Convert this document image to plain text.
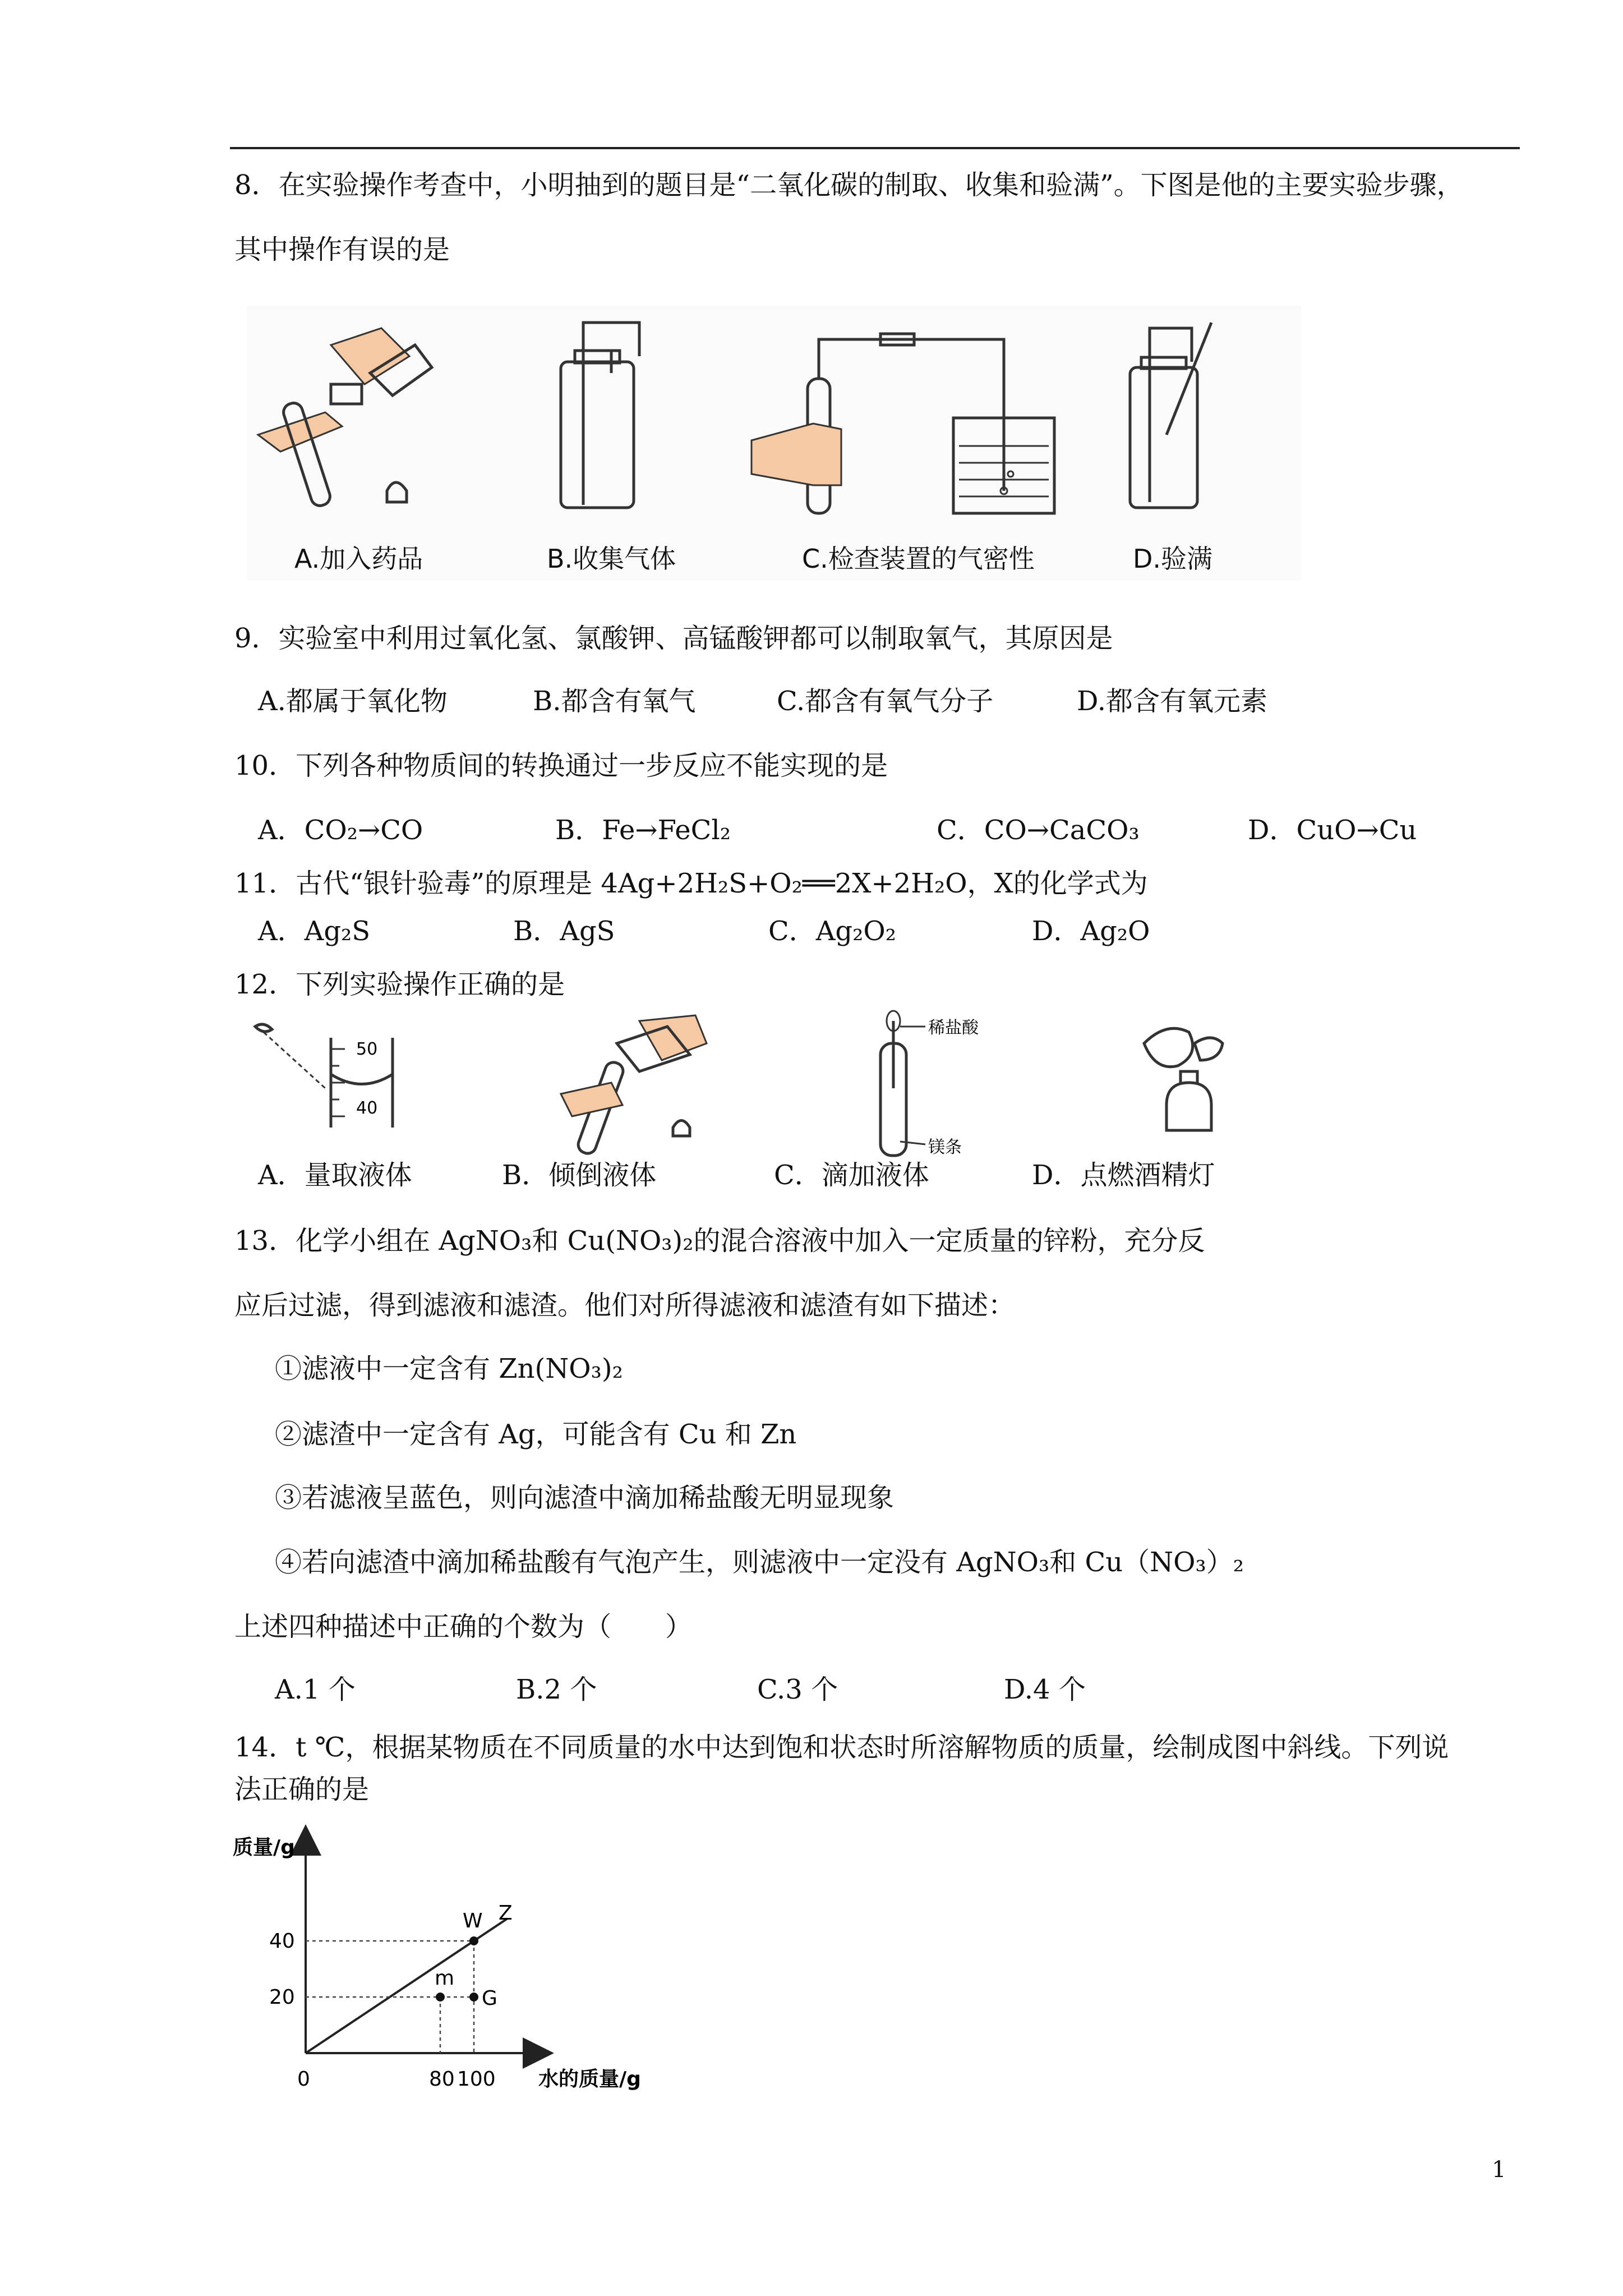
8．在实验操作考查中，小明抽到的题目是“二氧化碳的制取、收集和验满”。下图是他的主要实验步骤，
其中操作有误的是
A.加入药品	B.收集气体	C.检查装置的气密性	D.验满
9．实验室中利用过氧化氢、氯酸钾、高锰酸钾都可以制取氧气，其原因是
A.都属于氧化物	B.都含有氧气	C.都含有氧气分子	D.都含有氧元素
10．下列各种物质间的转换通过一步反应不能实现的是
A．CO₂→CO	B．Fe→FeCl₂	C．CO→CaCO₃	D．CuO→Cu
11．古代“银针验毒”的原理是 4Ag+2H₂S+O₂══2X+2H₂O，X的化学式为
A．Ag₂S	B．AgS	C．Ag₂O₂	D．Ag₂O
12．下列实验操作正确的是
50
40
稀盐酸
镁条
A．量取液体	B．倾倒液体	C．滴加液体	D．点燃酒精灯
13．化学小组在 AgNO₃和 Cu(NO₃)₂的混合溶液中加入一定质量的锌粉，充分反
应后过滤，得到滤液和滤渣。他们对所得滤液和滤渣有如下描述：
①滤液中一定含有 Zn(NO₃)₂
②滤渣中一定含有 Ag，可能含有 Cu 和 Zn
③若滤液呈蓝色，则向滤渣中滴加稀盐酸无明显现象
④若向滤渣中滴加稀盐酸有气泡产生，则滤液中一定没有 AgNO₃和 Cu（NO₃）₂
上述四种描述中正确的个数为（　　）
A.1 个	B.2 个	C.3 个	D.4 个
14．t ℃，根据某物质在不同质量的水中达到饱和状态时所溶解物质的质量，绘制成图中斜线。下列说
法正确的是
质量/g
水的质量/g
0
20
40
80 100
m
G
W Z
1
